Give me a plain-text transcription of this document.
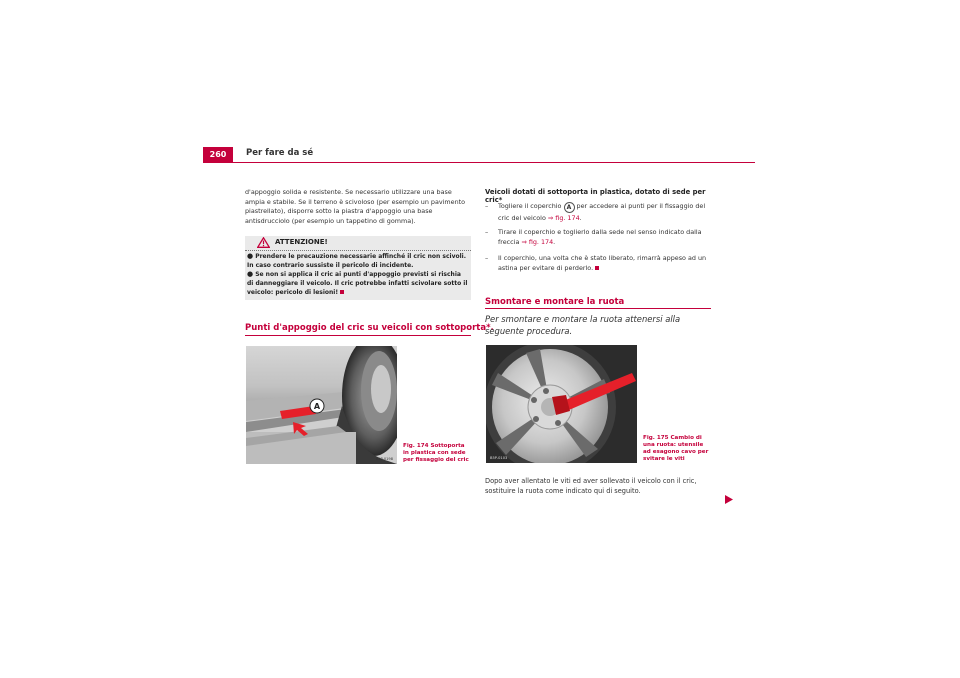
260	Per fare da sé

d'appoggio solida e resistente. Se necessario utilizzare una base ampia e stabile. Se il terreno è scivoloso (per esempio un pavimento piastrellato), disporre sotto la piastra d'appoggio una base antisdrucciolo (per esempio un tappetino di gomma).

ATTENZIONE!
● Prendere le precauzione necessarie affinché il cric non scivoli. In caso contrario sussiste il pericolo di incidente.
● Se non si applica il cric ai punti d'appoggio previsti si rischia di danneggiare il veicolo. Il cric potrebbe infatti scivolare sotto il veicolo: pericolo di lesioni!
Punti d'appoggio del cric su veicoli con sottoporta*.
A
B5P-0198
Fig. 174 Sottoporta in plastica con sede per fissaggio del cric
Veicoli dotati di sottoporta in plastica, dotato di sede per cric*
– Togliere il coperchio A per accedere ai punti per il fissaggio del cric del veicolo ⇒ fig. 174.
– Tirare il coperchio e toglierlo dalla sede nel senso indicato dalla freccia ⇒ fig. 174.
– Il coperchio, una volta che è stato liberato, rimarrà appeso ad un astina per evitare di perderlo.
Smontare e montare la ruota
Per smontare e montare la ruota attenersi alla seguente procedura.
B5P-0103
Fig. 175 Cambio di una ruota: utensile ad esagono cavo per svitare le viti

Dopo aver allentato le viti ed aver sollevato il veicolo con il cric, sostituire la ruota come indicato qui di seguito.
